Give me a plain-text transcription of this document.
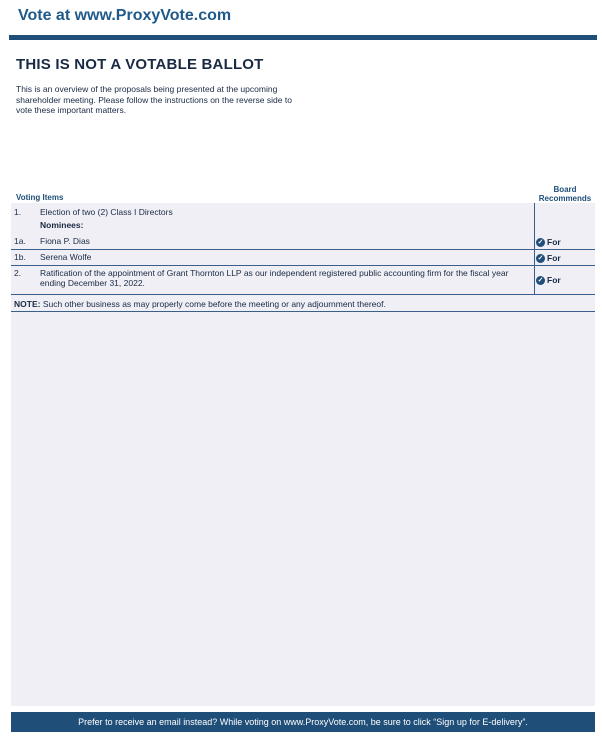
Vote at www.ProxyVote.com
THIS IS NOT A VOTABLE BALLOT
This is an overview of the proposals being presented at the upcoming shareholder meeting. Please follow the instructions on the reverse side to vote these important matters.
Voting Items
Board
Recommends
1. Election of two (2) Class I Directors
Nominees:
1a. Fiona P. Dias	✓ For
1b. Serena Wolfe	✓ For
2. Ratification of the appointment of Grant Thornton LLP as our independent registered public accounting firm for the fiscal year ending December 31, 2022.	✓ For
NOTE: Such other business as may properly come before the meeting or any adjournment thereof.
Prefer to receive an email instead? While voting on www.ProxyVote.com, be sure to click “Sign up for E-delivery”.
